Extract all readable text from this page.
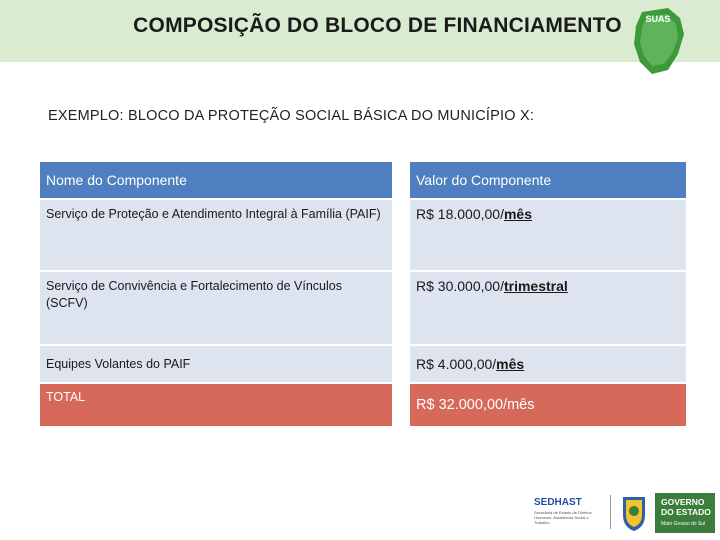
COMPOSIÇÃO DO BLOCO DE FINANCIAMENTO	SUAS
EXEMPLO: BLOCO DA PROTEÇÃO SOCIAL BÁSICA DO MUNICÍPIO X:
Nome do Componente	Valor do Componente
Serviço de Proteção e Atendimento Integral à Família (PAIF)	R$ 18.000,00/mês
Serviço de Convivência e Fortalecimento de Vínculos (SCFV)	R$ 30.000,00/trimestral
Equipes Volantes do PAIF	R$ 4.000,00/mês
TOTAL	R$ 32.000,00/mês
SEDHAST
Secretaria de Estado de Direitos Humanos, Assistência Social e Trabalho
GOVERNO
DO ESTADO
Mato Grosso do Sul
